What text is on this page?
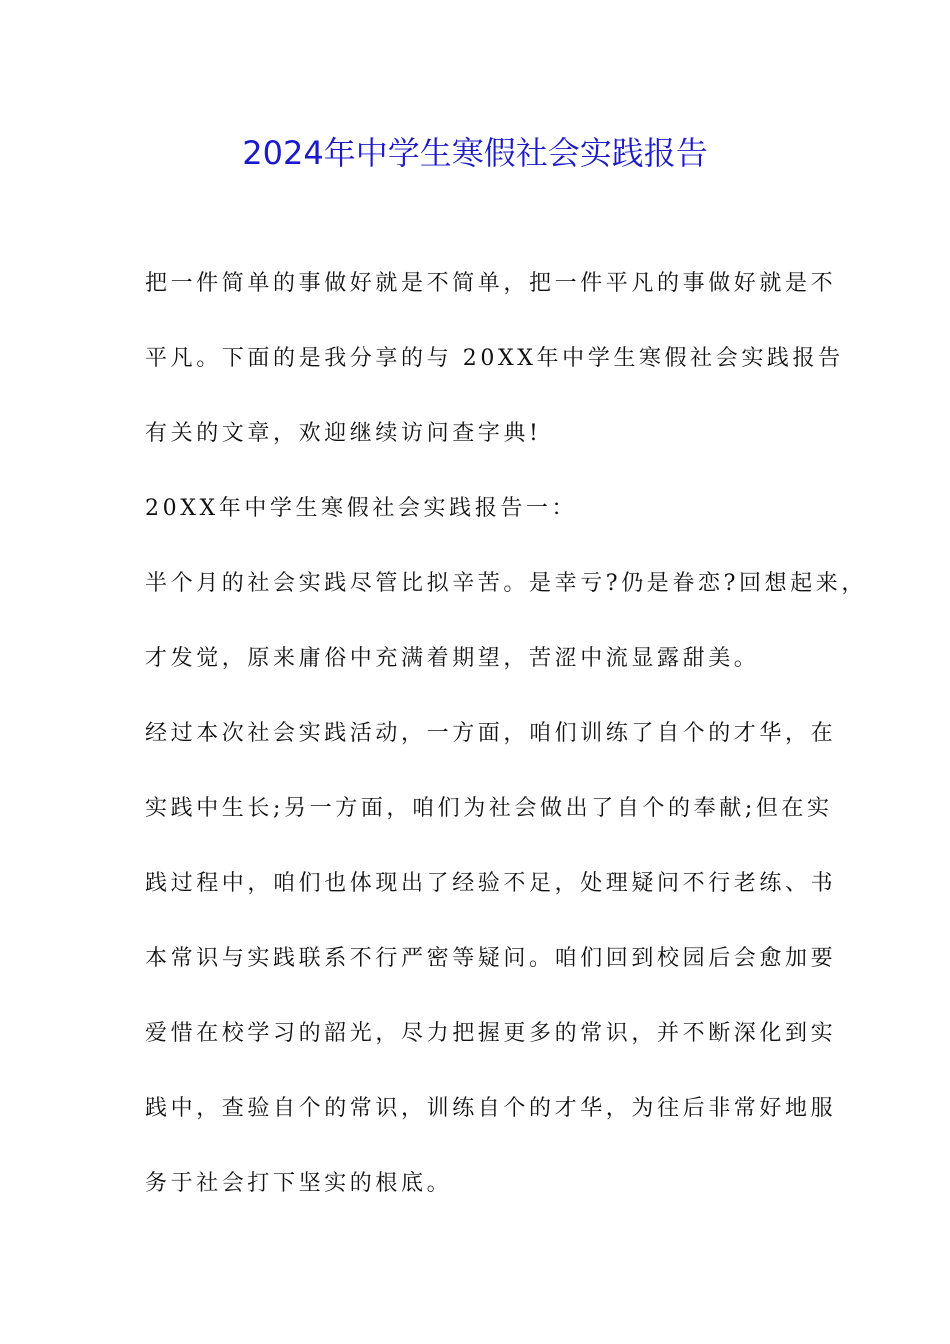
2024年中学生寒假社会实践报告
把一件简单的事做好就是不简单，把一件平凡的事做好就是不
平凡。下面的是我分享的与 20XX年中学生寒假社会实践报告
有关的文章，欢迎继续访问查字典!
20XX年中学生寒假社会实践报告一：
半个月的社会实践尽管比拟辛苦。是幸亏?仍是眷恋?回想起来，
才发觉，原来庸俗中充满着期望，苦涩中流显露甜美。
经过本次社会实践活动，一方面，咱们训练了自个的才华，在
实践中生长;另一方面，咱们为社会做出了自个的奉献;但在实
践过程中，咱们也体现出了经验不足，处理疑问不行老练、书
本常识与实践联系不行严密等疑问。咱们回到校园后会愈加要
爱惜在校学习的韶光，尽力把握更多的常识，并不断深化到实
践中，查验自个的常识，训练自个的才华，为往后非常好地服
务于社会打下坚实的根底。
